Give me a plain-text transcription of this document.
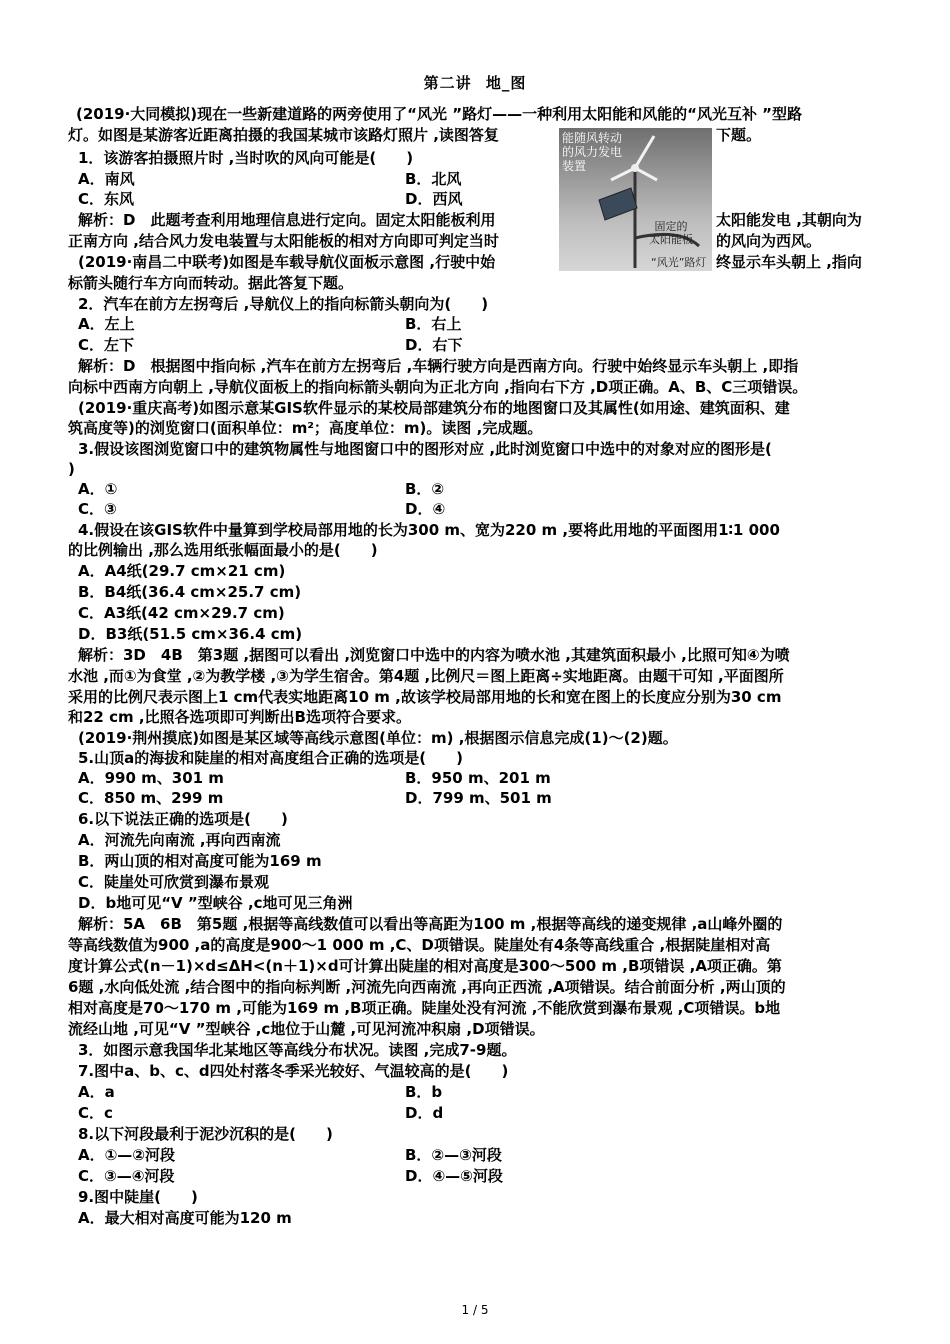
第二讲 地_图
能随风转动
的风力发电
装置
固定的
太阳能板
“风光”路灯
(2019·大同模拟)现在一些新建道路的两旁使用了“风光 ”路灯——一种利用太阳能和风能的“风光互补 ”型路
灯。如图是某游客近距离拍摄的我国某城市该路灯照片 ,读图答复	下题。
1．该游客拍摄照片时 ,当时吹的风向可能是(　　)
A．南风	B．北风
C．东风	D．西风
解析：D　此题考查利用地理信息进行定向。固定太阳能板利用	太阳能发电 ,其朝向为
正南方向 ,结合风力发电装置与太阳能板的相对方向即可判定当时	的风向为西风。
(2019·南昌二中联考)如图是车载导航仪面板示意图 ,行驶中始	终显示车头朝上 ,指向
标箭头随行车方向而转动。据此答复下题。
2．汽车在前方左拐弯后 ,导航仪上的指向标箭头朝向为(　　)
A．左上	B．右上
C．左下	D．右下
解析：D　根据图中指向标 ,汽车在前方左拐弯后 ,车辆行驶方向是西南方向。行驶中始终显示车头朝上 ,即指
向标中西南方向朝上 ,导航仪面板上的指向标箭头朝向为正北方向 ,指向右下方 ,D项正确。A、B、C三项错误。
(2019·重庆高考)如图示意某GIS软件显示的某校局部建筑分布的地图窗口及其属性(如用途、建筑面积、建
筑高度等)的浏览窗口(面积单位：m²；高度单位：m)。读图 ,完成题。
3.假设该图浏览窗口中的建筑物属性与地图窗口中的图形对应 ,此时浏览窗口中选中的对象对应的图形是(
)
A．①	B．②
C．③	D．④
4.假设在该GIS软件中量算到学校局部用地的长为300 m、宽为220 m ,要将此用地的平面图用1∶1 000
的比例输出 ,那么选用纸张幅面最小的是(　　)
A．A4纸(29.7 cm×21 cm)
B．B4纸(36.4 cm×25.7 cm)
C．A3纸(42 cm×29.7 cm)
D．B3纸(51.5 cm×36.4 cm)
解析：3D　4B　第3题 ,据图可以看出 ,浏览窗口中选中的内容为喷水池 ,其建筑面积最小 ,比照可知④为喷
水池 ,而①为食堂 ,②为教学楼 ,③为学生宿舍。第4题 ,比例尺＝图上距离÷实地距离。由题干可知 ,平面图所
采用的比例尺表示图上1 cm代表实地距离10 m ,故该学校局部用地的长和宽在图上的长度应分别为30 cm
和22 cm ,比照各选项即可判断出B选项符合要求。
(2019·荆州摸底)如图是某区域等高线示意图(单位：m) ,根据图示信息完成(1)～(2)题。
5.山顶a的海拔和陡崖的相对高度组合正确的选项是(　　)
A．990 m、301 m	B．950 m、201 m
C．850 m、299 m	D．799 m、501 m
6.以下说法正确的选项是(　　)
A．河流先向南流 ,再向西南流
B．两山顶的相对高度可能为169 m
C．陡崖处可欣赏到瀑布景观
D．b地可见“V ”型峡谷 ,c地可见三角洲
解析：5A　6B　第5题 ,根据等高线数值可以看出等高距为100 m ,根据等高线的递变规律 ,a山峰外圈的
等高线数值为900 ,a的高度是900～1 000 m ,C、D项错误。陡崖处有4条等高线重合 ,根据陡崖相对高
度计算公式(n－1)×d≤ΔH<(n＋1)×d可计算出陡崖的相对高度是300～500 m ,B项错误 ,A项正确。第
6题 ,水向低处流 ,结合图中的指向标判断 ,河流先向西南流 ,再向正西流 ,A项错误。结合前面分析 ,两山顶的
相对高度是70～170 m ,可能为169 m ,B项正确。陡崖处没有河流 ,不能欣赏到瀑布景观 ,C项错误。b地
流经山地 ,可见“V ”型峡谷 ,c地位于山麓 ,可见河流冲积扇 ,D项错误。
3．如图示意我国华北某地区等高线分布状况。读图 ,完成7-9题。
7.图中a、b、c、d四处村落冬季采光较好、气温较高的是(　　)
A．a	B．b
C．c	D．d
8.以下河段最利于泥沙沉积的是(　　)
A．①—②河段	B．②—③河段
C．③—④河段	D．④—⑤河段
9.图中陡崖(　　)
A．最大相对高度可能为120 m
1 / 5
